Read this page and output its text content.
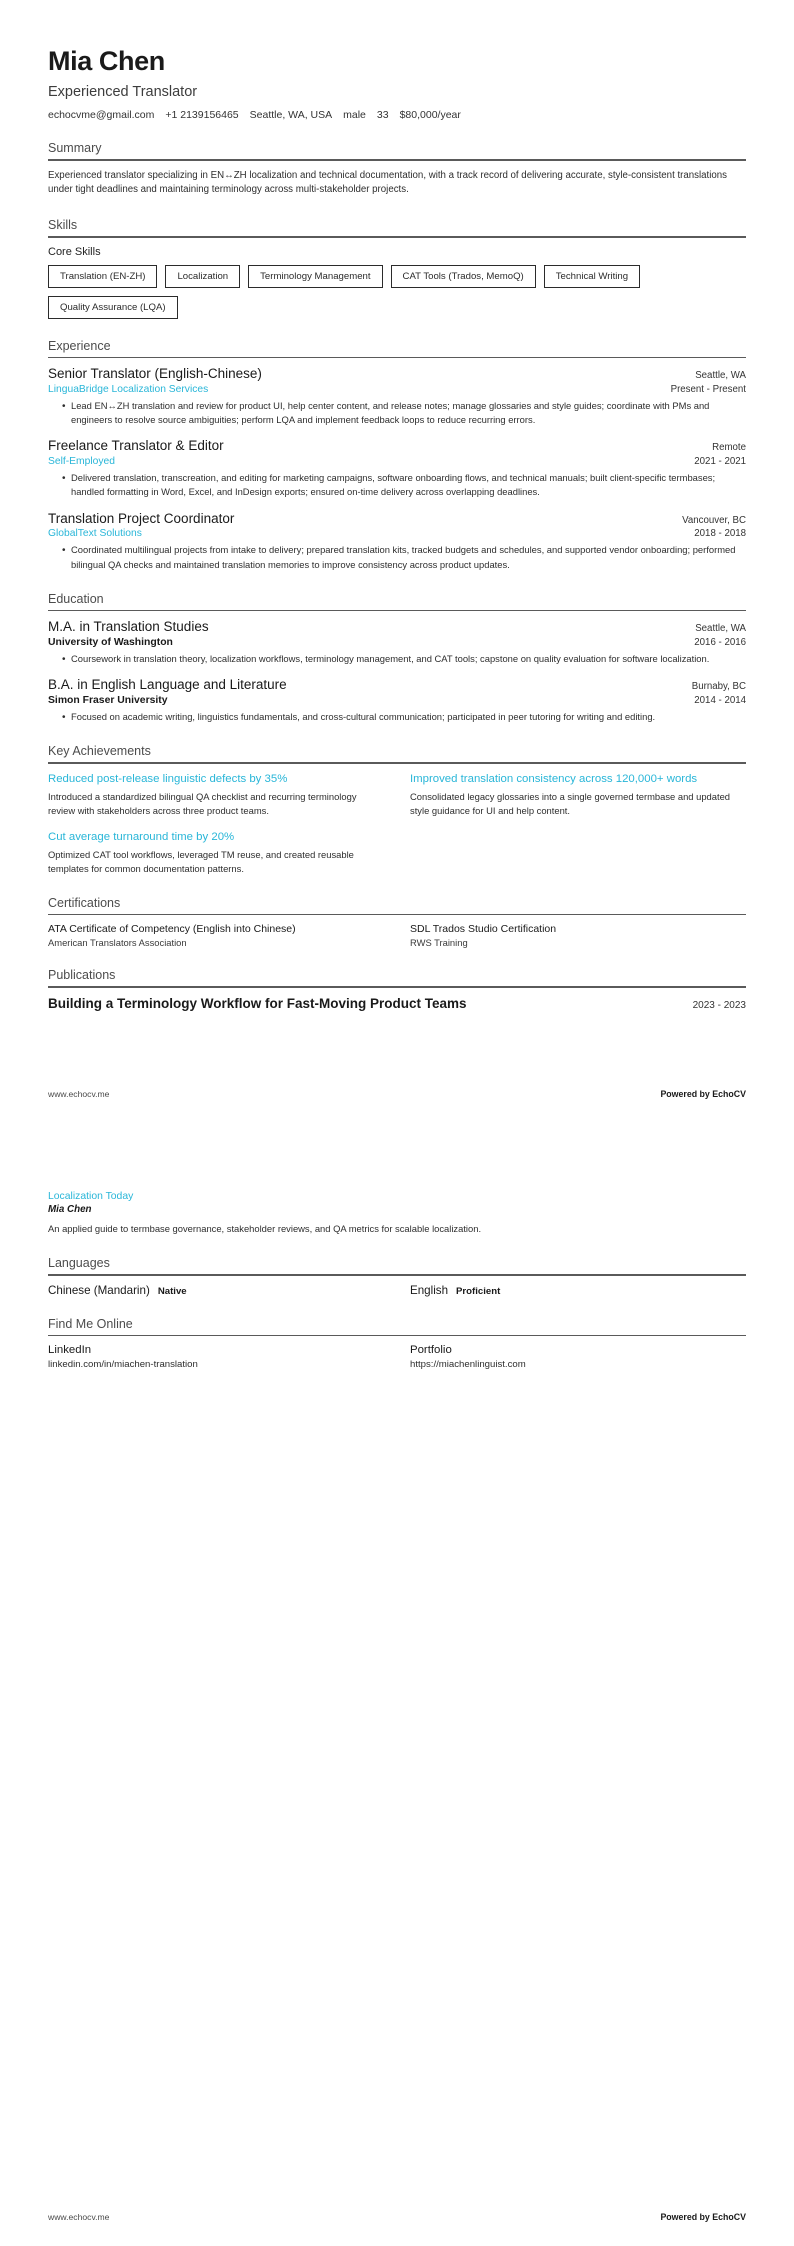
Mia Chen
Experienced Translator
echocvme@gmail.com +1 2139156465 Seattle, WA, USA male 33 $80,000/year
Summary
Experienced translator specializing in EN↔ZH localization and technical documentation, with a track record of delivering accurate, style-consistent translations under tight deadlines and maintaining terminology across multi-stakeholder projects.
Skills
Core Skills
Translation (EN-ZH)	Localization	Terminology Management	CAT Tools (Trados, MemoQ)	Technical Writing
Quality Assurance (LQA)
Experience
Senior Translator (English-Chinese)	Seattle, WA
LinguaBridge Localization Services	Present - Present
• Lead EN↔ZH translation and review for product UI, help center content, and release notes; manage glossaries and style guides; coordinate with PMs and engineers to resolve source ambiguities; perform LQA and implement feedback loops to reduce recurring errors.
Freelance Translator & Editor	Remote
Self-Employed	2021 - 2021
• Delivered translation, transcreation, and editing for marketing campaigns, software onboarding flows, and technical manuals; built client-specific termbases; handled formatting in Word, Excel, and InDesign exports; ensured on-time delivery across overlapping deadlines.
Translation Project Coordinator	Vancouver, BC
GlobalText Solutions	2018 - 2018
• Coordinated multilingual projects from intake to delivery; prepared translation kits, tracked budgets and schedules, and supported vendor onboarding; performed bilingual QA checks and maintained translation memories to improve consistency across product updates.
Education
M.A. in Translation Studies	Seattle, WA
University of Washington	2016 - 2016
• Coursework in translation theory, localization workflows, terminology management, and CAT tools; capstone on quality evaluation for software localization.
B.A. in English Language and Literature	Burnaby, BC
Simon Fraser University	2014 - 2014
• Focused on academic writing, linguistics fundamentals, and cross-cultural communication; participated in peer tutoring for writing and editing.
Key Achievements
Reduced post-release linguistic defects by 35%
Introduced a standardized bilingual QA checklist and recurring terminology review with stakeholders across three product teams.
Improved translation consistency across 120,000+ words
Consolidated legacy glossaries into a single governed termbase and updated style guidance for UI and help content.
Cut average turnaround time by 20%
Optimized CAT tool workflows, leveraged TM reuse, and created reusable templates for common documentation patterns.
Certifications
ATA Certificate of Competency (English into Chinese)
American Translators Association
SDL Trados Studio Certification
RWS Training
Publications
Building a Terminology Workflow for Fast-Moving Product Teams	2023 - 2023
www.echocv.me	Powered by EchoCV
Localization Today
Mia Chen
An applied guide to termbase governance, stakeholder reviews, and QA metrics for scalable localization.
Languages
Chinese (Mandarin) Native	English Proficient
Find Me Online
LinkedIn
linkedin.com/in/miachen-translation
Portfolio
https://miachenlinguist.com
www.echocv.me	Powered by EchoCV
